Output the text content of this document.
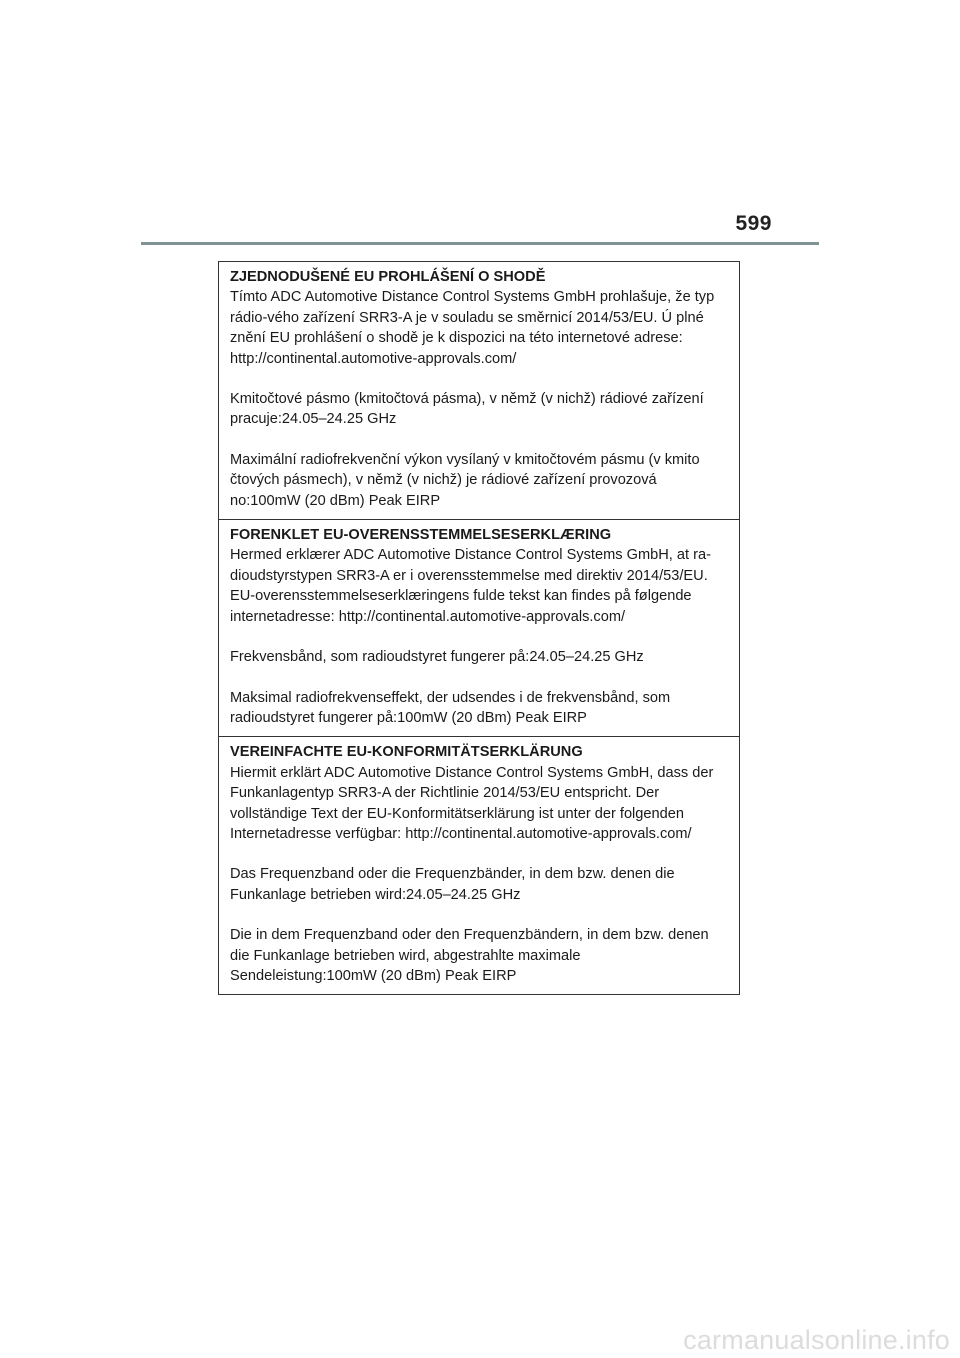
599
ZJEDNODUŠENÉ EU PROHLÁŠENÍ O SHODĚ

Tímto ADC Automotive Distance Control Systems GmbH prohlašuje, že typ rádio-vého zařízení SRR3-A je v souladu se směrnicí 2014/53/EU. Ú plné znění EU prohlášení o shodě je k dispozici na této internetové adrese: http://continental.automotive-approvals.com/

Kmitočtové pásmo (kmitočtová pásma), v němž (v nichž) rádiové zařízení pracuje:24.05–24.25 GHz

Maximální radiofrekvenční výkon vysílaný v kmitočtovém pásmu (v kmito čtových pásmech), v němž (v nichž) je rádiové zařízení provozová no:100mW (20 dBm) Peak EIRP

FORENKLET EU-OVERENSSTEMMELSESERKLÆRING

Hermed erklærer ADC Automotive Distance Control Systems GmbH, at ra-dioudstyrstypen SRR3-A er i overensstemmelse med direktiv 2014/53/EU. EU-overensstemmelseserklæringens fulde tekst kan findes på følgende internetadresse: http://continental.automotive-approvals.com/

Frekvensbånd, som radioudstyret fungerer på:24.05–24.25 GHz

Maksimal radiofrekvenseffekt, der udsendes i de frekvensbånd, som radioudstyret fungerer på:100mW (20 dBm) Peak EIRP

VEREINFACHTE EU-KONFORMITÄTSERKLÄRUNG

Hiermit erklärt ADC Automotive Distance Control Systems GmbH, dass der Funkanlagentyp SRR3-A der Richtlinie 2014/53/EU entspricht. Der vollständige Text der EU-Konformitätserklärung ist unter der folgenden Internetadresse verfügbar: http://continental.automotive-approvals.com/

Das Frequenzband oder die Frequenzbänder, in dem bzw. denen die Funkanlage betrieben wird:24.05–24.25 GHz

Die in dem Frequenzband oder den Frequenzbändern, in dem bzw. denen die Funkanlage betrieben wird, abgestrahlte maximale Sendeleistung:100mW (20 dBm) Peak EIRP

carmanualsonline.info
